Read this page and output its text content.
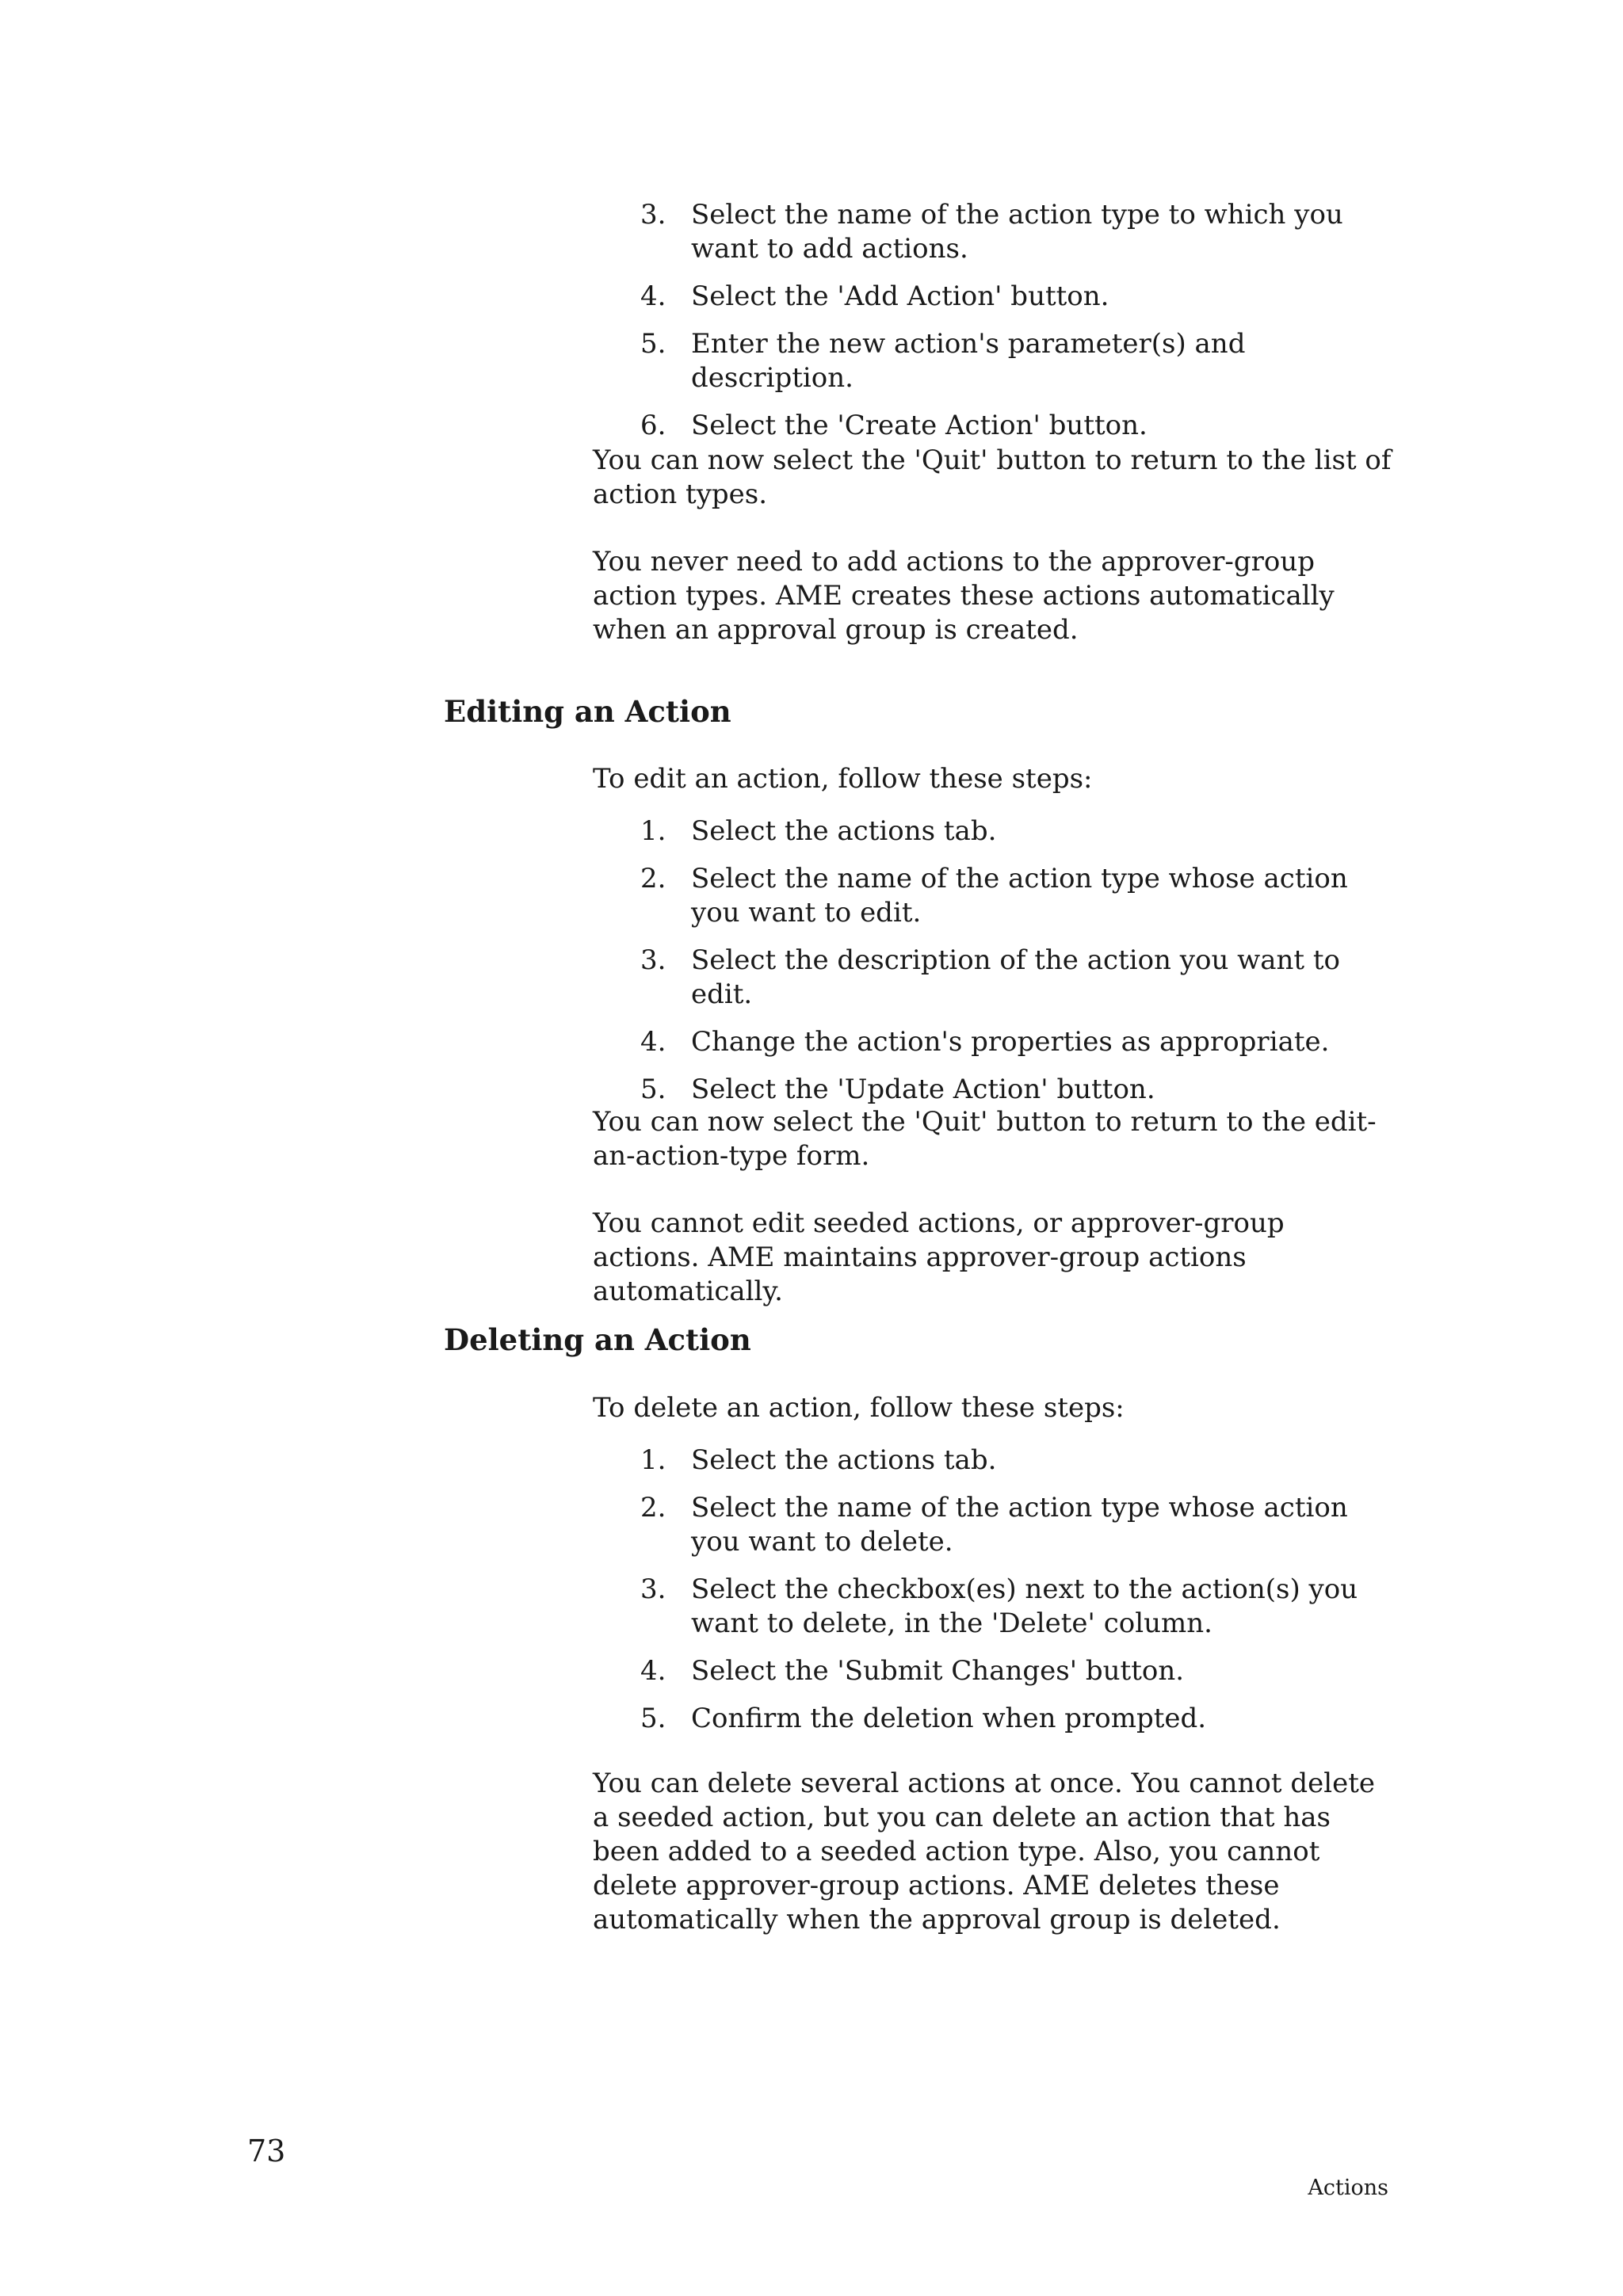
3. Select the name of the action type to which you want to add actions.
4. Select the 'Add Action' button.
5. Enter the new action's parameter(s) and description.
6. Select the 'Create Action' button.

You can now select the 'Quit' button to return to the list of action types.

You never need to add actions to the approver-group action types. AME creates these actions automatically when an approval group is created.

Editing an Action

To edit an action, follow these steps:

1. Select the actions tab.
2. Select the name of the action type whose action you want to edit.
3. Select the description of the action you want to edit.
4. Change the action's properties as appropriate.
5. Select the 'Update Action' button.

You can now select the 'Quit' button to return to the edit-an-action-type form.

You cannot edit seeded actions, or approver-group actions. AME maintains approver-group actions automatically.

Deleting an Action

To delete an action, follow these steps:

1. Select the actions tab.
2. Select the name of the action type whose action you want to delete.
3. Select the checkbox(es) next to the action(s) you want to delete, in the 'Delete' column.
4. Select the 'Submit Changes' button.
5. Confirm the deletion when prompted.

You can delete several actions at once. You cannot delete a seeded action, but you can delete an action that has been added to a seeded action type. Also, you cannot delete approver-group actions. AME deletes these automatically when the approval group is deleted.

73
Actions
